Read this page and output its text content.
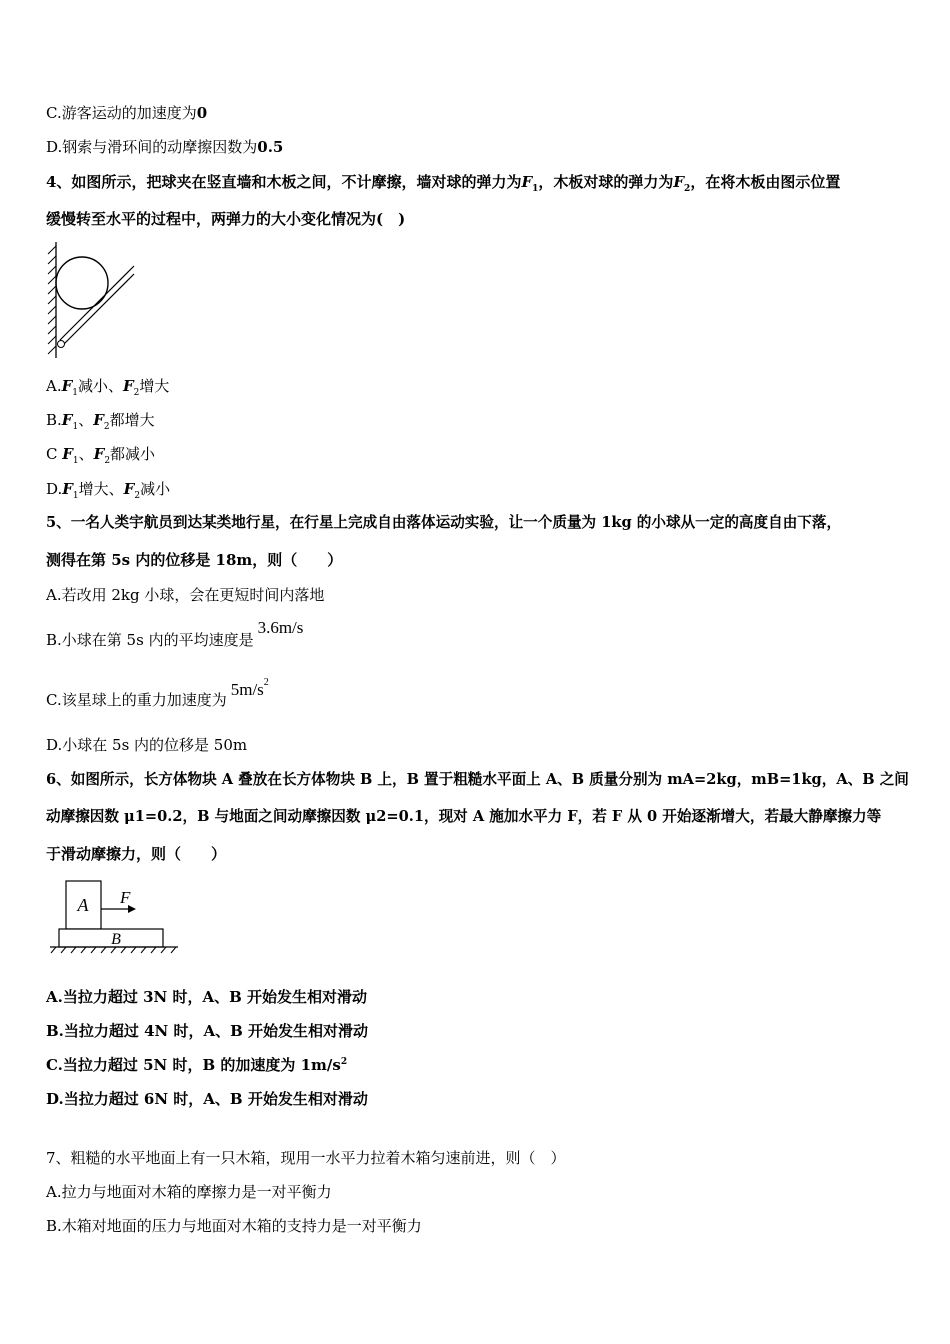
C.游客运动的加速度为0
D.钢索与滑环间的动摩擦因数为0.5
4、如图所示，把球夹在竖直墙和木板之间，不计摩擦，墙对球的弹力为$F_1$，木板对球的弹力为$F_2$，在将木板由图示位置
缓慢转至水平的过程中，两弹力的大小变化情况为(　)
$A.F_1$减小、$F_2$增大
$B.F_1$、$F_2$都增大
C $F_1$、$F_2$都减小
$D.F_1$增大、$F_2$减小
5、一名人类宇航员到达某类地行星，在行星上完成自由落体运动实验，让一个质量为 1kg 的小球从一定的高度自由下落，
测得在第 5s 内的位移是 18m，则（　　）
A.若改用 2kg 小球，会在更短时间内落地
B.小球在第 5s 内的平均速度是3.6m/s
C.该星球上的重力加速度为$5m/s^2$
D.小球在 5s 内的位移是 50m
6、如图所示，长方体物块 A 叠放在长方体物块 B 上，B 置于粗糙水平面上 A、B 质量分别为 mA=2kg，mB=1kg，A、B 之间
动摩擦因数 μ1=0.2，B 与地面之间动摩擦因数 μ2=0.1，现对 A 施加水平力 F，若 F 从 0 开始逐渐增大，若最大静摩擦力等
于滑动摩擦力，则（　　）
A F
B
A.当拉力超过 3N 时，A、B 开始发生相对滑动
B.当拉力超过 4N 时，A、B 开始发生相对滑动
C.当拉力超过 5N 时，B 的加速度为 $1m/s^2$
D.当拉力超过 6N 时，A、B 开始发生相对滑动
7、粗糙的水平地面上有一只木箱，现用一水平力拉着木箱匀速前进，则（　）
A.拉力与地面对木箱的摩擦力是一对平衡力
B.木箱对地面的压力与地面对木箱的支持力是一对平衡力
